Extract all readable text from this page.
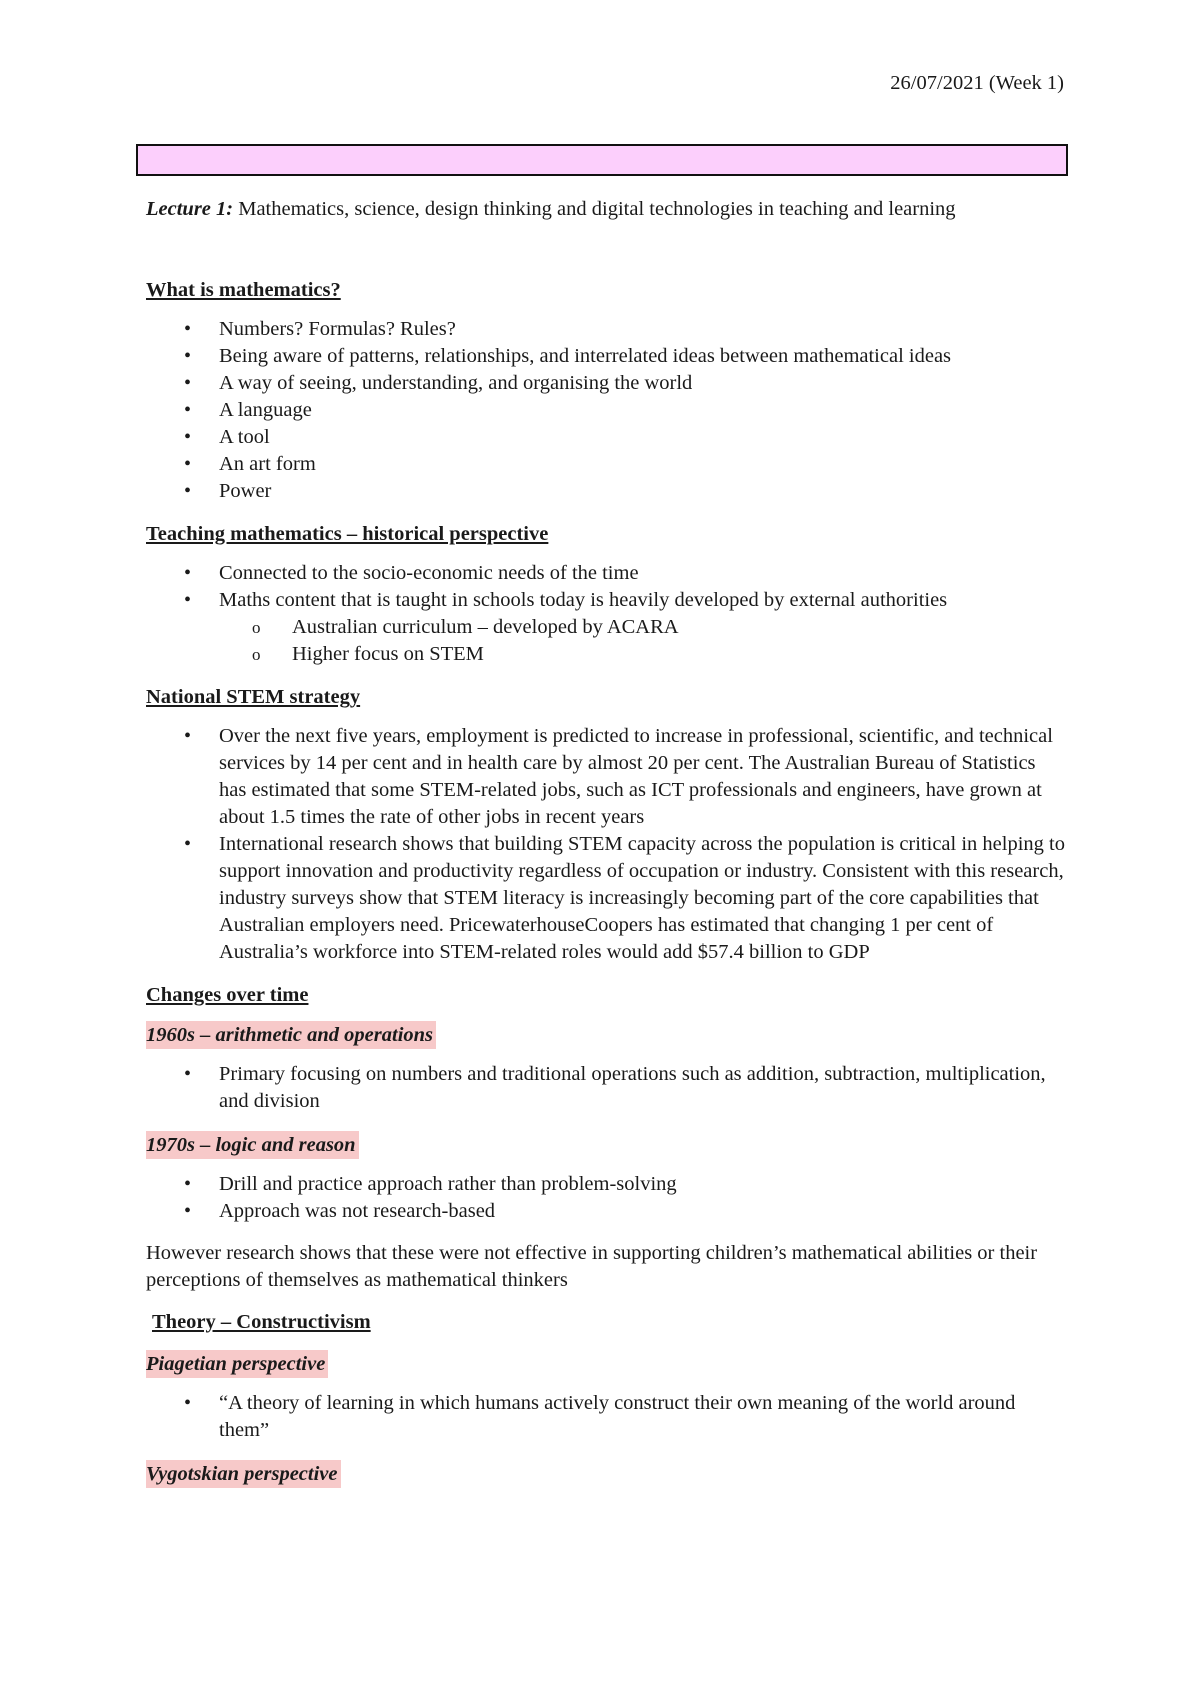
26/07/2021 (Week 1)

Lecture 1: Mathematics, science, design thinking and digital technologies in teaching and learning

What is mathematics?
• Numbers? Formulas? Rules?
• Being aware of patterns, relationships, and interrelated ideas between mathematical ideas
• A way of seeing, understanding, and organising the world
• A language
• A tool
• An art form
• Power
Teaching mathematics – historical perspective
• Connected to the socio-economic needs of the time
• Maths content that is taught in schools today is heavily developed by external authorities
o Australian curriculum – developed by ACARA
o Higher focus on STEM
National STEM strategy
• Over the next five years, employment is predicted to increase in professional, scientific, and technical services by 14 per cent and in health care by almost 20 per cent. The Australian Bureau of Statistics has estimated that some STEM-related jobs, such as ICT professionals and engineers, have grown at about 1.5 times the rate of other jobs in recent years
• International research shows that building STEM capacity across the population is critical in helping to support innovation and productivity regardless of occupation or industry. Consistent with this research, industry surveys show that STEM literacy is increasingly becoming part of the core capabilities that Australian employers need. PricewaterhouseCoopers has estimated that changing 1 per cent of Australia’s workforce into STEM-related roles would add $57.4 billion to GDP
Changes over time
1960s – arithmetic and operations
• Primary focusing on numbers and traditional operations such as addition, subtraction, multiplication, and division
1970s – logic and reason
• Drill and practice approach rather than problem-solving
• Approach was not research-based

However research shows that these were not effective in supporting children’s mathematical abilities or their perceptions of themselves as mathematical thinkers

Theory – Constructivism
Piagetian perspective
• “A theory of learning in which humans actively construct their own meaning of the world around them”
Vygotskian perspective
